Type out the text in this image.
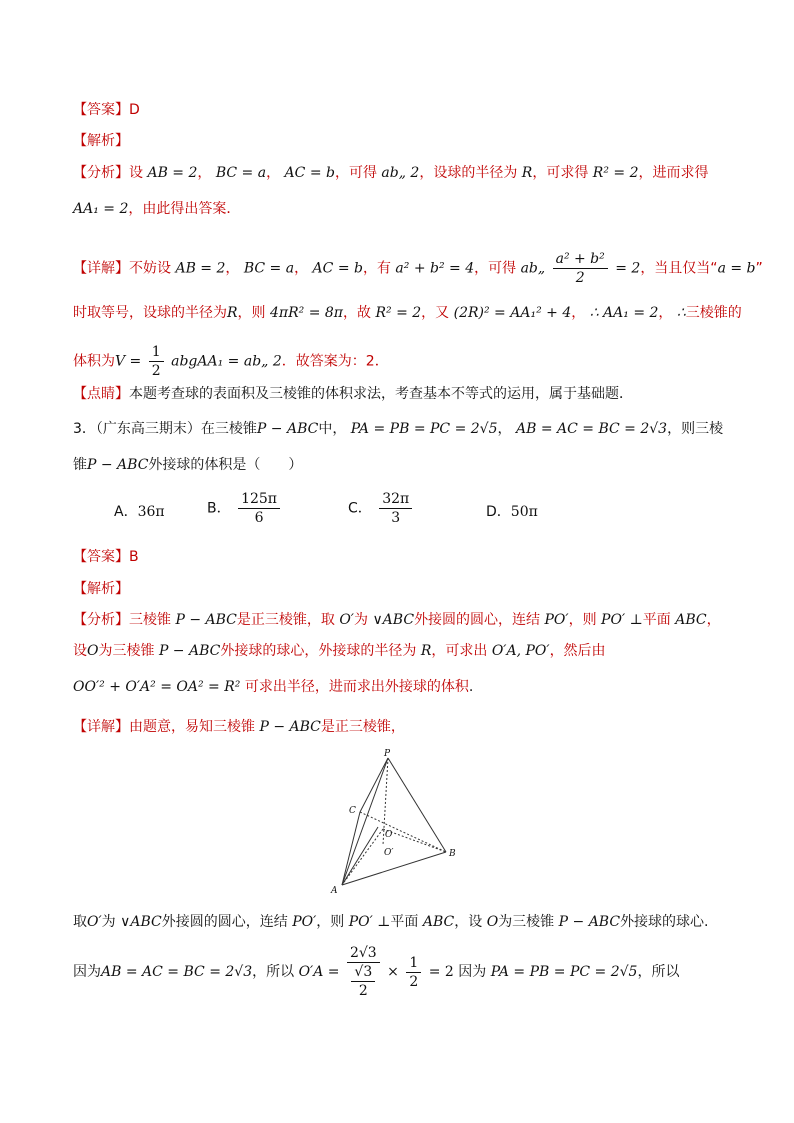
【答案】D
【解析】
【分析】设 AB = 2， BC = a， AC = b，可得 ab„ 2，设球的半径为 R，可求得 R² = 2，进而求得
AA₁ = 2，由此得出答案．
【详解】不妨设 AB = 2， BC = a， AC = b，有 a² + b² = 4，可得 ab„ $\frac{\text{a² + b²}}{2} = 2$，当且仅当“a = b”
时取等号，设球的半径为R，则 4πR² = 8π，故 R² = 2，又 (2R)² = AA₁² + 4， ∴ AA₁ = 2， ∴三棱锥的
体积为$V = \frac{1}{2}$ abgAA₁ = ab„ 2．故答案为：2．
【点睛】本题考查球的表面积及三棱锥的体积求法，考查基本不等式的运用，属于基础题．
3．（广东高三期末）在三棱锥P − ABC中， PA = PB = PC = 2√5， AB = AC = BC = 2√3，则三棱
锥P − ABC外接球的体积是（　　）
A．36π	B． $\frac{125\pi}{6}$	C． $\frac{32\pi}{3}$	D．50π
【答案】B
【解析】
【分析】三棱锥 P − ABC是正三棱锥，取 O′为 ∨ABC外接圆的圆心，连结 PO′，则 PO′ ⊥平面 ABC，
设O为三棱锥 P − ABC外接球的球心，外接球的半径为 R，可求出 O′A, PO′，然后由
OO′² + O′A² = OA² = R² 可求出半径，进而求出外接球的体积.
【详解】由题意，易知三棱锥 P − ABC是正三棱锥，
P
C
O
O′	B
A
取O′为 ∨ABC外接圆的圆心，连结 PO′，则 PO′ ⊥平面 ABC，设 O为三棱锥 P − ABC外接球的球心.
因为AB = AC = BC = 2√3，所以 $O'A = \frac{2√3}{\frac{√3}{2}} \times \frac{1}{2} = 2$ 因为 PA = PB = PC = 2√5，所以
